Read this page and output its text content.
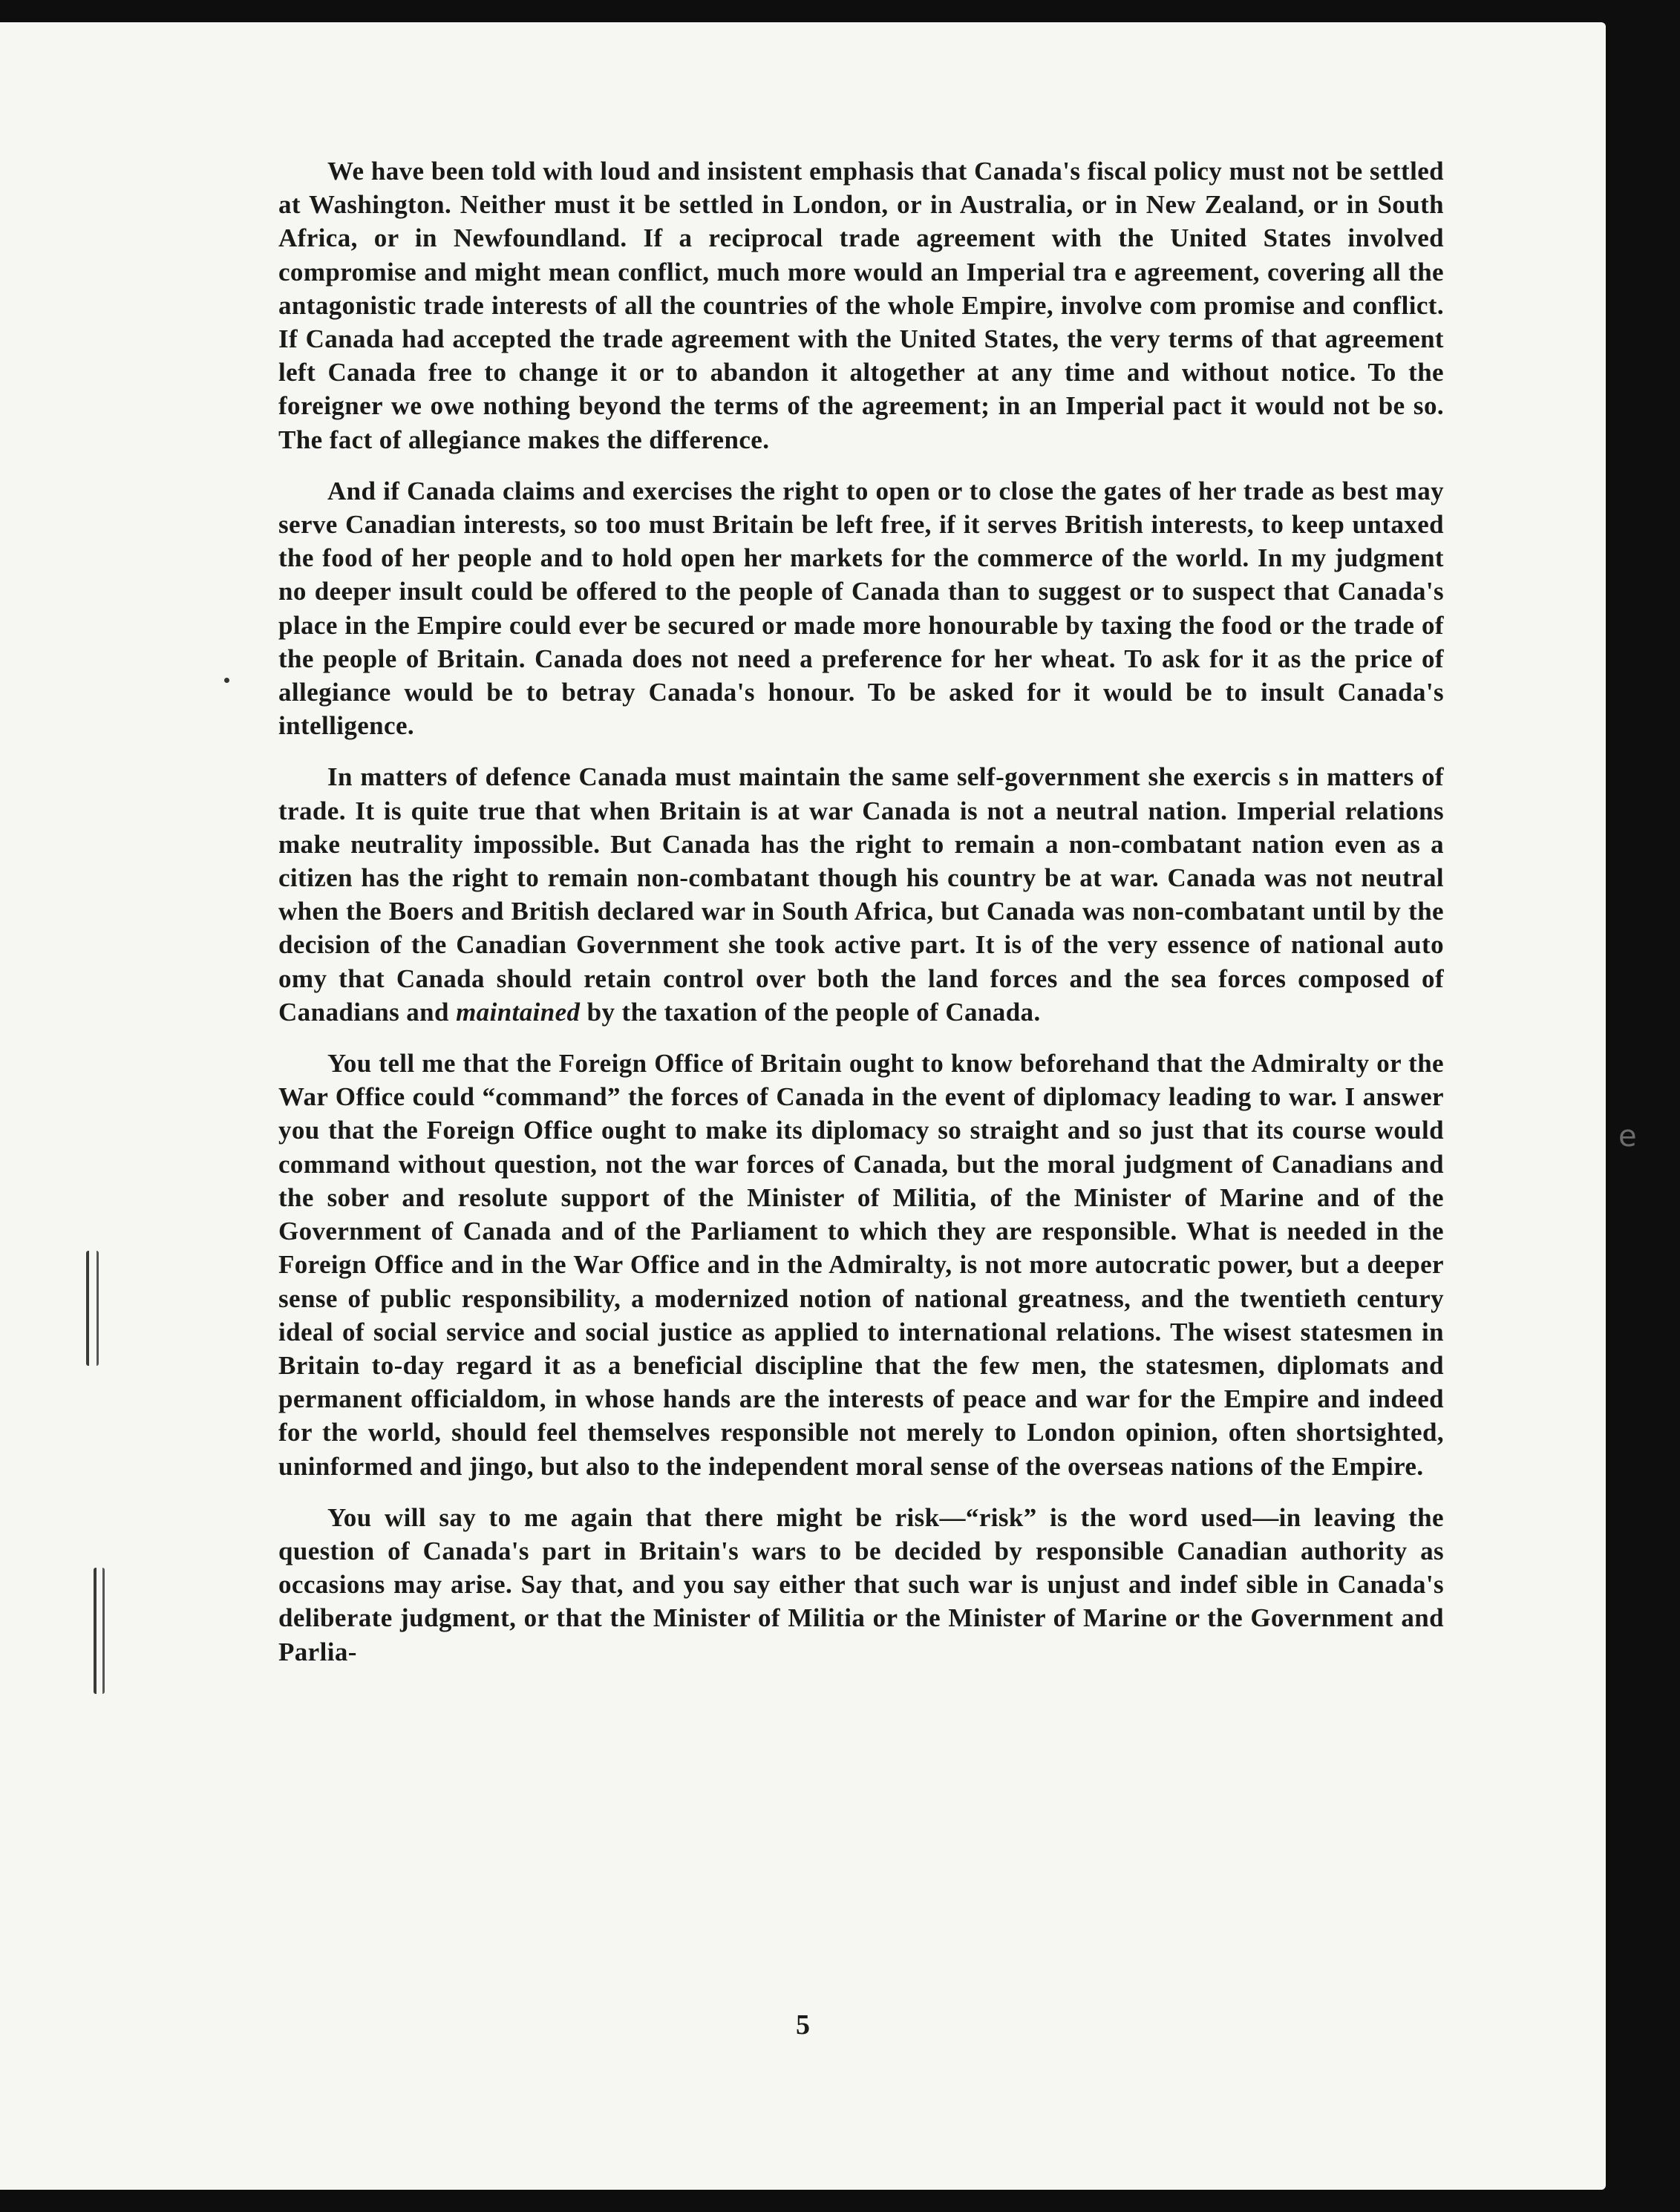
We have been told with loud and insistent emphasis that Canada's fiscal policy must not be settled at Washington. Neither must it be settled in London, or in Australia, or in New Zealand, or in South Africa, or in Newfoundland. If a reciprocal trade agreement with the United States involved compromise and might mean conflict, much more would an Imperial tra e agreement, covering all the antagonistic trade interests of all the countries of the whole Empire, involve com promise and conflict. If Canada had accepted the trade agreement with the United States, the very terms of that agreement left Canada free to change it or to abandon it altogether at any time and without notice. To the foreigner we owe nothing beyond the terms of the agreement; in an Imperial pact it would not be so. The fact of allegiance makes the difference.

And if Canada claims and exercises the right to open or to close the gates of her trade as best may serve Canadian interests, so too must Britain be left free, if it serves British interests, to keep untaxed the food of her people and to hold open her markets for the commerce of the world. In my judgment no deeper insult could be offered to the people of Canada than to suggest or to suspect that Canada's place in the Empire could ever be secured or made more honourable by taxing the food or the trade of the people of Britain. Canada does not need a preference for her wheat. To ask for it as the price of allegiance would be to betray Canada's honour. To be asked for it would be to insult Canada's intelligence.

In matters of defence Canada must maintain the same self-government she exercis s in matters of trade. It is quite true that when Britain is at war Canada is not a neutral nation. Imperial relations make neutrality impossible. But Canada has the right to remain a non-combatant nation even as a citizen has the right to remain non-combatant though his country be at war. Canada was not neutral when the Boers and British declared war in South Africa, but Canada was non-combatant until by the decision of the Canadian Government she took active part. It is of the very essence of national auto omy that Canada should retain control over both the land forces and the sea forces composed of Canadians and maintained by the taxation of the people of Canada.

You tell me that the Foreign Office of Britain ought to know beforehand that the Admiralty or the War Office could “command” the forces of Canada in the event of diplomacy leading to war. I answer you that the Foreign Office ought to make its diplomacy so straight and so just that its course would command without question, not the war forces of Canada, but the moral judgment of Canadians and the sober and resolute support of the Minister of Militia, of the Minister of Marine and of the Government of Canada and of the Parliament to which they are responsible. What is needed in the Foreign Office and in the War Office and in the Admiralty, is not more autocratic power, but a deeper sense of public responsibility, a modernized notion of national greatness, and the twentieth century ideal of social service and social justice as applied to international relations. The wisest statesmen in Britain to-day regard it as a beneficial discipline that the few men, the statesmen, diplomats and permanent officialdom, in whose hands are the interests of peace and war for the Empire and indeed for the world, should feel themselves responsible not merely to London opinion, often shortsighted, uninformed and jingo, but also to the independent moral sense of the overseas nations of the Empire.

You will say to me again that there might be risk—“risk” is the word used—in leaving the question of Canada's part in Britain's wars to be decided by responsible Canadian authority as occasions may arise. Say that, and you say either that such war is unjust and indef sible in Canada's deliberate judgment, or that the Minister of Militia or the Minister of Marine or the Government and Parlia-

5
e
